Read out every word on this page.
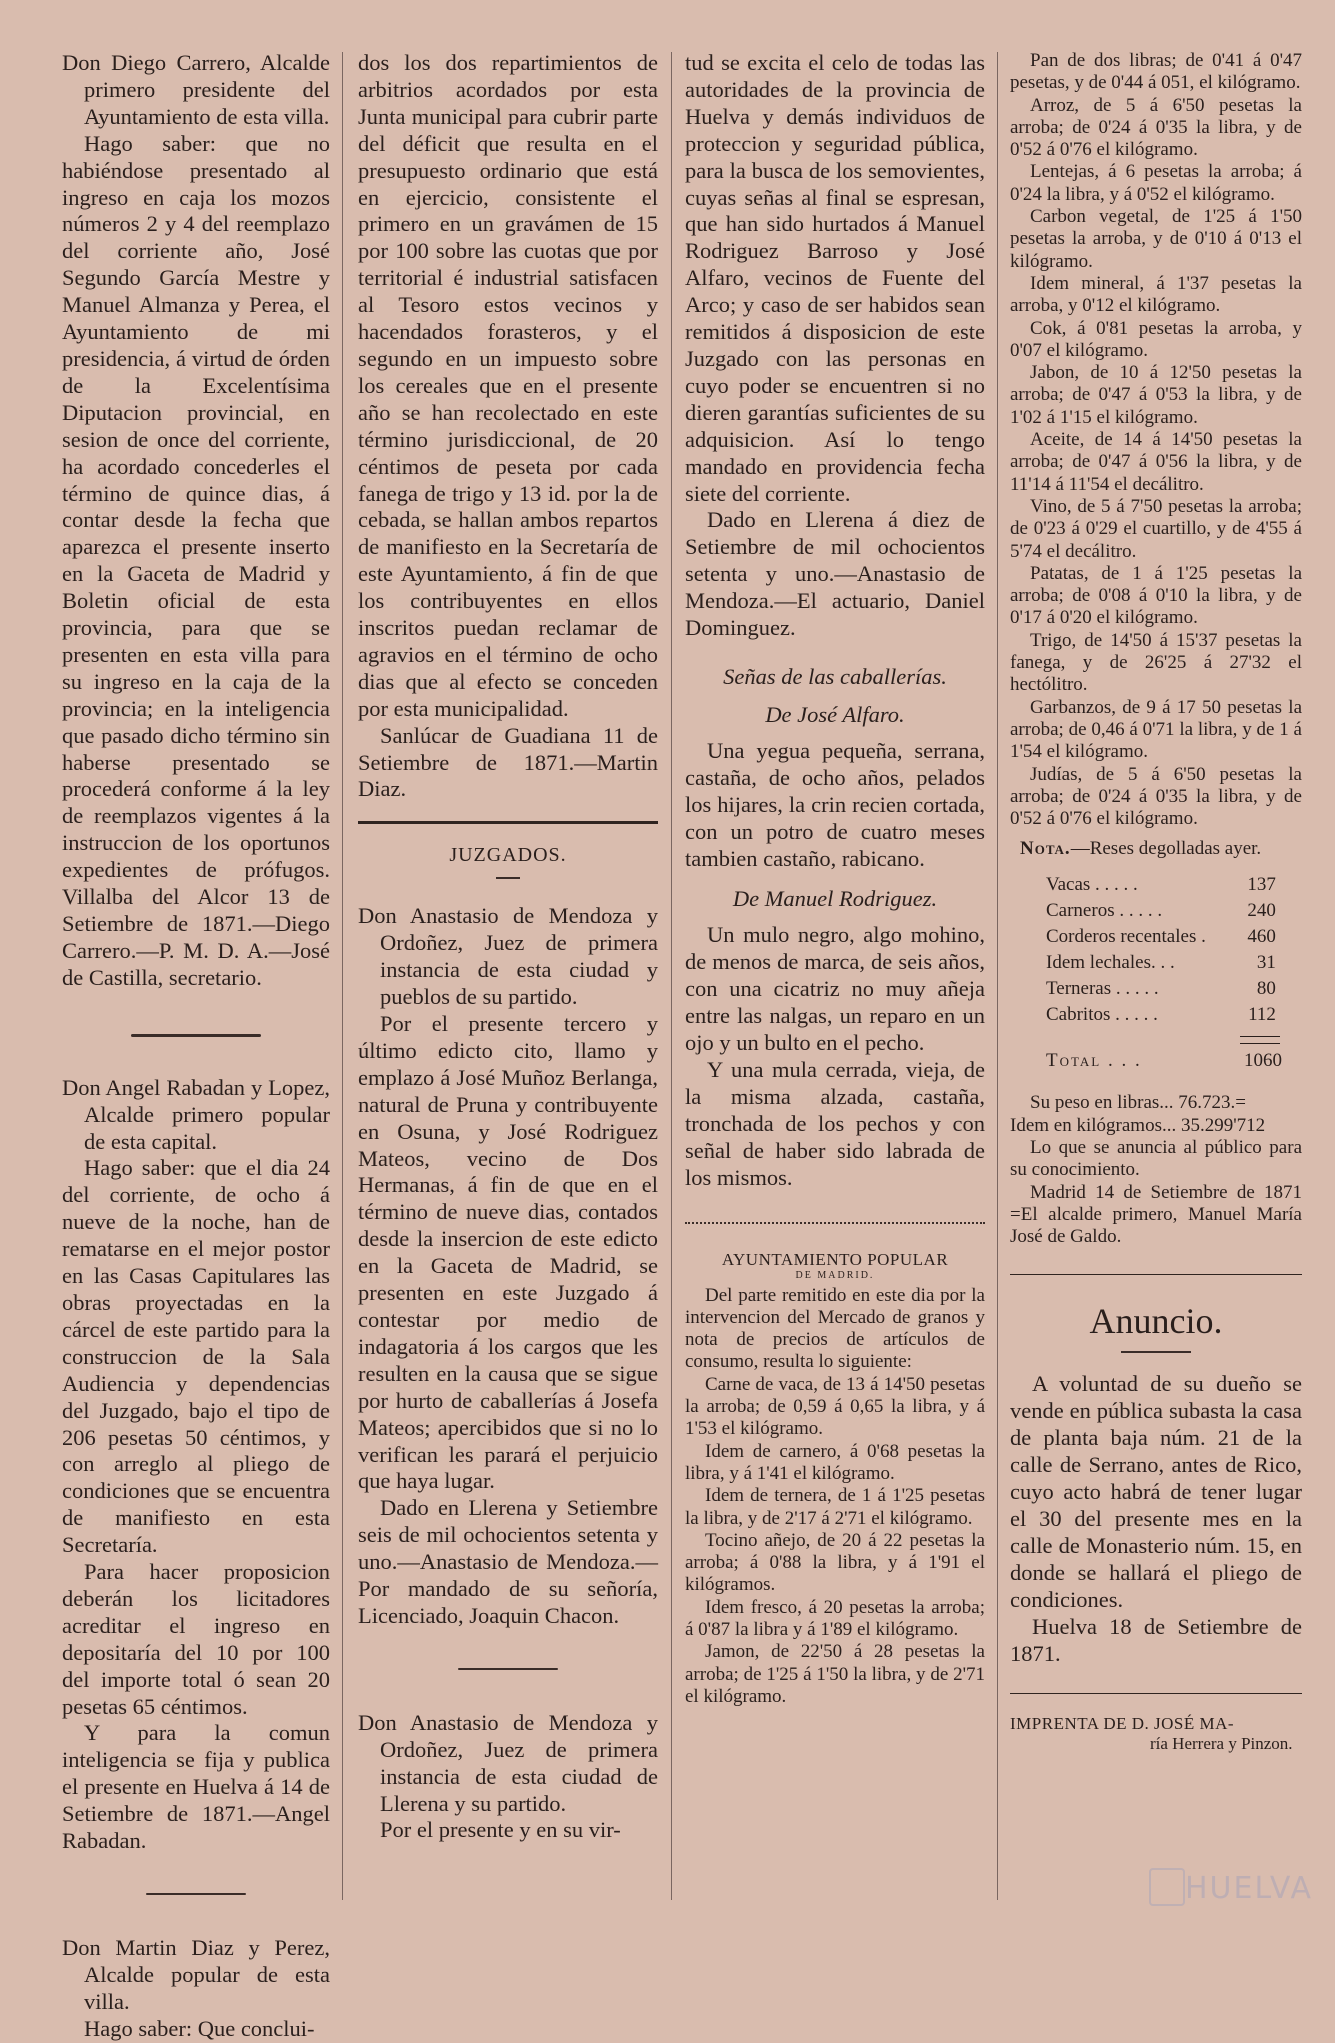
Don Diego Carrero, Alcalde primero presidente del Ayuntamiento de esta villa.

Hago saber: que no habiéndose presentado al ingreso en caja los mozos números 2 y 4 del reemplazo del corriente año, José Segundo García Mestre y Manuel Almanza y Perea, el Ayuntamiento de mi presidencia, á virtud de órden de la Excelentísima Diputacion provincial, en sesion de once del corriente, ha acordado concederles el término de quince dias, á contar desde la fecha que aparezca el presente inserto en la Gaceta de Madrid y Boletin oficial de esta provincia, para que se presenten en esta villa para su ingreso en la caja de la provincia; en la inteligencia que pasado dicho término sin haberse presentado se procederá conforme á la ley de reemplazos vigentes á la instruccion de los oportunos expedientes de prófugos. Villalba del Alcor 13 de Setiembre de 1871.—Diego Carrero.—P. M. D. A.—José de Castilla, secretario.

Don Angel Rabadan y Lopez, Alcalde primero popular de esta capital.

Hago saber: que el dia 24 del corriente, de ocho á nueve de la noche, han de rematarse en el mejor postor en las Casas Capitulares las obras proyectadas en la cárcel de este partido para la construccion de la Sala Audiencia y dependencias del Juzgado, bajo el tipo de 206 pesetas 50 céntimos, y con arreglo al pliego de condiciones que se encuentra de manifiesto en esta Secretaría.

Para hacer proposicion deberán los licitadores acreditar el ingreso en depositaría del 10 por 100 del importe total ó sean 20 pesetas 65 céntimos.

Y para la comun inteligencia se fija y publica el presente en Huelva á 14 de Setiembre de 1871.—Angel Rabadan.

Don Martin Diaz y Perez, Alcalde popular de esta villa.

Hago saber: Que conclui-

dos los dos repartimientos de arbitrios acordados por esta Junta municipal para cubrir parte del déficit que resulta en el presupuesto ordinario que está en ejercicio, consistente el primero en un gravámen de 15 por 100 sobre las cuotas que por territorial é industrial satisfacen al Tesoro estos vecinos y hacendados forasteros, y el segundo en un impuesto sobre los cereales que en el presente año se han recolectado en este término jurisdiccional, de 20 céntimos de peseta por cada fanega de trigo y 13 id. por la de cebada, se hallan ambos repartos de manifiesto en la Secretaría de este Ayuntamiento, á fin de que los contribuyentes en ellos inscritos puedan reclamar de agravios en el término de ocho dias que al efecto se conceden por esta municipalidad.

Sanlúcar de Guadiana 11 de Setiembre de 1871.—Martin Diaz.

JUZGADOS.

Don Anastasio de Mendoza y Ordoñez, Juez de primera instancia de esta ciudad y pueblos de su partido.

Por el presente tercero y último edicto cito, llamo y emplazo á José Muñoz Berlanga, natural de Pruna y contribuyente en Osuna, y José Rodriguez Mateos, vecino de Dos Hermanas, á fin de que en el término de nueve dias, contados desde la insercion de este edicto en la Gaceta de Madrid, se presenten en este Juzgado á contestar por medio de indagatoria á los cargos que les resulten en la causa que se sigue por hurto de caballerías á Josefa Mateos; apercibidos que si no lo verifican les parará el perjuicio que haya lugar.

Dado en Llerena y Setiembre seis de mil ochocientos setenta y uno.—Anastasio de Mendoza.—Por mandado de su señoría, Licenciado, Joaquin Chacon.

Don Anastasio de Mendoza y Ordoñez, Juez de primera instancia de esta ciudad de Llerena y su partido.

Por el presente y en su vir-

tud se excita el celo de todas las autoridades de la provincia de Huelva y demás individuos de proteccion y seguridad pública, para la busca de los semovientes, cuyas señas al final se espresan, que han sido hurtados á Manuel Rodriguez Barroso y José Alfaro, vecinos de Fuente del Arco; y caso de ser habidos sean remitidos á disposicion de este Juzgado con las personas en cuyo poder se encuentren si no dieren garantías suficientes de su adquisicion. Así lo tengo mandado en providencia fecha siete del corriente.

Dado en Llerena á diez de Setiembre de mil ochocientos setenta y uno.—Anastasio de Mendoza.—El actuario, Daniel Dominguez.

Señas de las caballerías.

De José Alfaro.

Una yegua pequeña, serrana, castaña, de ocho años, pelados los hijares, la crin recien cortada, con un potro de cuatro meses tambien castaño, rabicano.

De Manuel Rodriguez.

Un mulo negro, algo mohino, de menos de marca, de seis años, con una cicatriz no muy añeja entre las nalgas, un reparo en un ojo y un bulto en el pecho.

Y una mula cerrada, vieja, de la misma alzada, castaña, tronchada de los pechos y con señal de haber sido labrada de los mismos.

AYUNTAMIENTO POPULAR

DE MADRID.

Del parte remitido en este dia por la intervencion del Mercado de granos y nota de precios de artículos de consumo, resulta lo siguiente:

Carne de vaca, de 13 á 14'50 pesetas la arroba; de 0,59 á 0,65 la libra, y á 1'53 el kilógramo.

Idem de carnero, á 0'68 pesetas la libra, y á 1'41 el kilógramo.

Idem de ternera, de 1 á 1'25 pesetas la libra, y de 2'17 á 2'71 el kilógramo.

Tocino añejo, de 20 á 22 pesetas la arroba; á 0'88 la libra, y á 1'91 el kilógramos.

Idem fresco, á 20 pesetas la arroba; á 0'87 la libra y á 1'89 el kilógramo.

Jamon, de 22'50 á 28 pesetas la arroba; de 1'25 á 1'50 la libra, y de 2'71 el kilógramo.

Pan de dos libras; de 0'41 á 0'47 pesetas, y de 0'44 á 051, el kilógramo.

Arroz, de 5 á 6'50 pesetas la arroba; de 0'24 á 0'35 la libra, y de 0'52 á 0'76 el kilógramo.

Lentejas, á 6 pesetas la arroba; á 0'24 la libra, y á 0'52 el kilógramo.

Carbon vegetal, de 1'25 á 1'50 pesetas la arroba, y de 0'10 á 0'13 el kilógramo.

Idem mineral, á 1'37 pesetas la arroba, y 0'12 el kilógramo.

Cok, á 0'81 pesetas la arroba, y 0'07 el kilógramo.

Jabon, de 10 á 12'50 pesetas la arroba; de 0'47 á 0'53 la libra, y de 1'02 á 1'15 el kilógramo.

Aceite, de 14 á 14'50 pesetas la arroba; de 0'47 á 0'56 la libra, y de 11'14 á 11'54 el decálitro.

Vino, de 5 á 7'50 pesetas la arroba; de 0'23 á 0'29 el cuartillo, y de 4'55 á 5'74 el decálitro.

Patatas, de 1 á 1'25 pesetas la arroba; de 0'08 á 0'10 la libra, y de 0'17 á 0'20 el kilógramo.

Trigo, de 14'50 á 15'37 pesetas la fanega, y de 26'25 á 27'32 el hectólitro.

Garbanzos, de 9 á 17 50 pesetas la arroba; de 0,46 á 0'71 la libra, y de 1 á 1'54 el kilógramo.

Judías, de 5 á 6'50 pesetas la arroba; de 0'24 á 0'35 la libra, y de 0'52 á 0'76 el kilógramo.

Nota.—Reses degolladas ayer.

Vacas . . . . .	137
Carneros . . . . .	240
Corderos recentales .	460
Idem lechales. . .	31
Terneras . . . . .	80
Cabritos . . . . .	112
Total . . .	1060

Su peso en libras... 76.723.=

Idem en kilógramos... 35.299'712

Lo que se anuncia al público para su conocimiento.

Madrid 14 de Setiembre de 1871 =El alcalde primero, Manuel María José de Galdo.

Anuncio.

A voluntad de su dueño se vende en pública subasta la casa de planta baja núm. 21 de la calle de Serrano, antes de Rico, cuyo acto habrá de tener lugar el 30 del presente mes en la calle de Monasterio núm. 15, en donde se hallará el pliego de condiciones.

Huelva 18 de Setiembre de 1871.

IMPRENTA DE D. JOSÉ MA-

ría Herrera y Pinzon.

HUELVA
